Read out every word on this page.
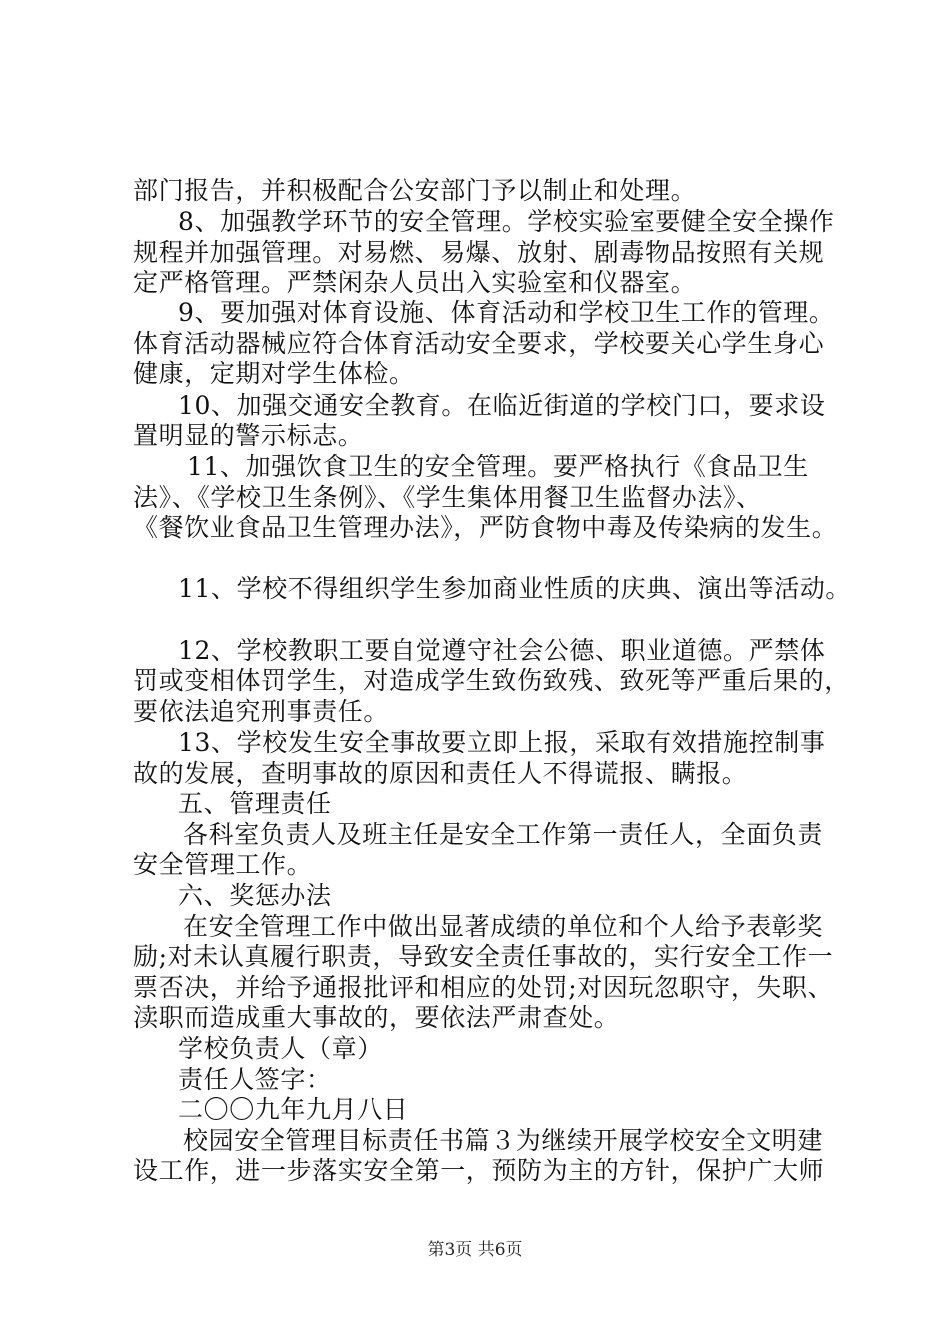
部门报告，并积极配合公安部门予以制止和处理。
8、加强教学环节的安全管理。学校实验室要健全安全操作
规程并加强管理。对易燃、易爆、放射、剧毒物品按照有关规
定严格管理。严禁闲杂人员出入实验室和仪器室。
9、要加强对体育设施、体育活动和学校卫生工作的管理。
体育活动器械应符合体育活动安全要求，学校要关心学生身心
健康，定期对学生体检。
10、加强交通安全教育。在临近街道的学校门口，要求设
置明显的警示标志。
11、加强饮食卫生的安全管理。要严格执行《食品卫生
法》、《学校卫生条例》、《学生集体用餐卫生监督办法》、
《餐饮业食品卫生管理办法》，严防食物中毒及传染病的发生。
11、学校不得组织学生参加商业性质的庆典、演出等活动。
12、学校教职工要自觉遵守社会公德、职业道德。严禁体
罚或变相体罚学生，对造成学生致伤致残、致死等严重后果的，
要依法追究刑事责任。
13、学校发生安全事故要立即上报，采取有效措施控制事
故的发展，查明事故的原因和责任人不得谎报、瞒报。
五、管理责任
各科室负责人及班主任是安全工作第一责任人，全面负责
安全管理工作。
六、奖惩办法
在安全管理工作中做出显著成绩的单位和个人给予表彰奖
励;对未认真履行职责，导致安全责任事故的，实行安全工作一
票否决，并给予通报批评和相应的处罚;对因玩忽职守，失职、
渎职而造成重大事故的，要依法严肃查处。
学校负责人（章）
责任人签字：
二〇〇九年九月八日
校园安全管理目标责任书篇３为继续开展学校安全文明建
设工作，进一步落实安全第一，预防为主的方针，保护广大师
第3页 共6页
